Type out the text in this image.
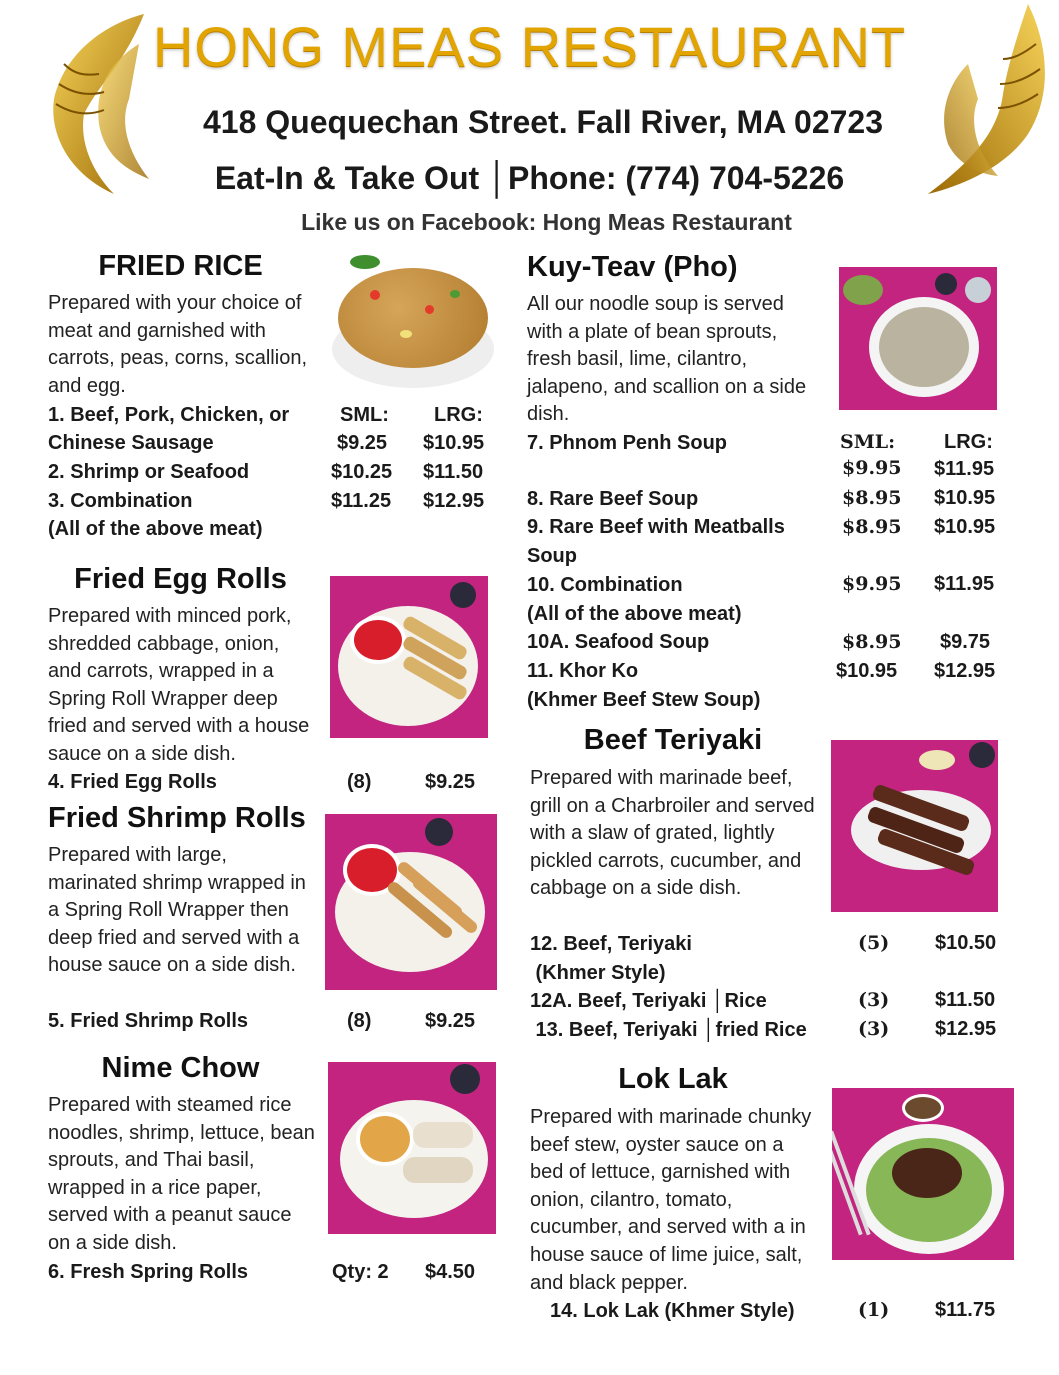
HONG MEAS RESTAURANT
418 Quequechan Street. Fall River, MA 02723
Eat-In & Take Out │Phone: (774) 704-5226
Like us on Facebook: Hong Meas Restaurant
FRIED RICE
Prepared with your choice of meat and garnished with carrots, peas, corns, scallion, and egg.
SML: LRG:
1. Beef, Pork, Chicken, or
Chinese Sausage	$9.25 $10.95
2. Shrimp or Seafood	$10.25 $11.50
3. Combination	$11.25 $12.95
(All of the above meat)
Fried Egg Rolls
Prepared with minced pork, shredded cabbage, onion, and carrots, wrapped in a Spring Roll Wrapper deep fried and served with a house sauce on a side dish.
4. Fried Egg Rolls	(8)	$9.25
Fried Shrimp Rolls
Prepared with large, marinated shrimp wrapped in a Spring Roll Wrapper then deep fried and served with a house sauce on a side dish.
5. Fried Shrimp Rolls	(8)	$9.25
Nime Chow
Prepared with steamed rice noodles, shrimp, lettuce, bean sprouts, and Thai basil, wrapped in a rice paper, served with a peanut sauce on a side dish.
6. Fresh Spring Rolls	Qty: 2 $4.50
Kuy-Teav (Pho)
All our noodle soup is served with a plate of bean sprouts, fresh basil, lime, cilantro, jalapeno, and scallion on a side dish.
SML: LRG:
7. Phnom Penh Soup
$9.95 $11.95
8. Rare Beef Soup	$8.95 $10.95
9. Rare Beef with Meatballs	$8.95 $10.95
Soup
10. Combination	$9.95 $11.95
(All of the above meat)
10A. Seafood Soup	$8.95 $9.75
11. Khor Ko	$10.95 $12.95
(Khmer Beef Stew Soup)
Beef Teriyaki
Prepared with marinade beef, grill on a Charbroiler and served with a slaw of grated, lightly pickled carrots, cucumber, and cabbage on a side dish.
12. Beef, Teriyaki	(5) $10.50
(Khmer Style)
12A. Beef, Teriyaki │Rice	(3) $11.50
13. Beef, Teriyaki │fried Rice	(3) $12.95
Lok Lak
Prepared with marinade chunky beef stew, oyster sauce on a bed of lettuce, garnished with onion, cilantro, tomato, cucumber, and served with a in house sauce of lime juice, salt, and black pepper.
14. Lok Lak (Khmer Style)	(1) $11.75
